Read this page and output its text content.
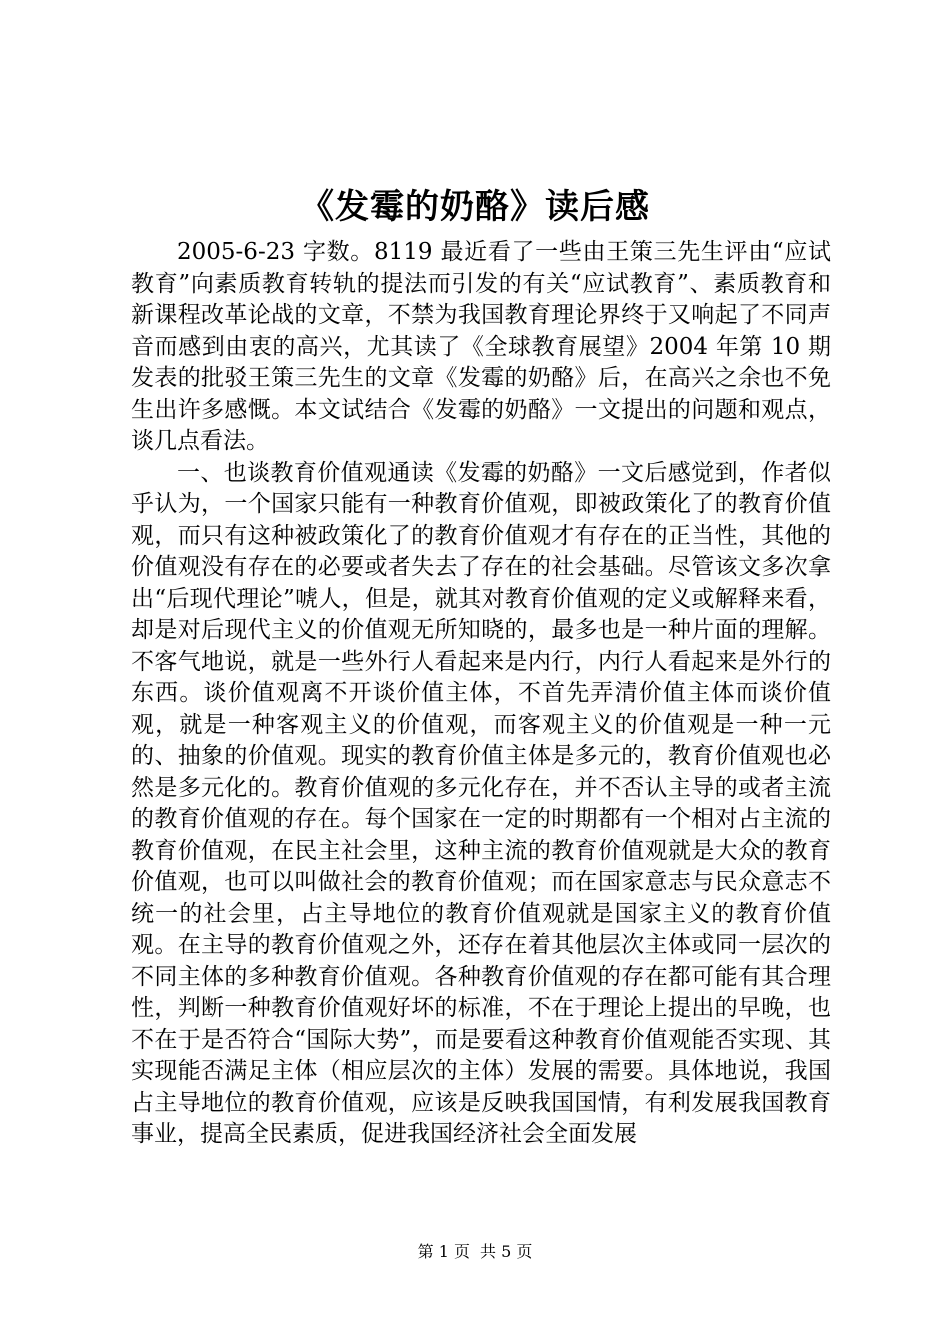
《发霉的奶酪》读后感

2005-6-23 字数。8119 最近看了一些由王策三先生评由“应试教育”向素质教育转轨的提法而引发的有关“应试教育”、素质教育和新课程改革论战的文章，不禁为我国教育理论界终于又响起了不同声音而感到由衷的高兴，尤其读了《全球教育展望》2004 年第 10 期发表的批驳王策三先生的文章《发霉的奶酪》后，在高兴之余也不免生出许多感慨。本文试结合《发霉的奶酪》一文提出的问题和观点，谈几点看法。

一、也谈教育价值观通读《发霉的奶酪》一文后感觉到，作者似乎认为，一个国家只能有一种教育价值观，即被政策化了的教育价值观，而只有这种被政策化了的教育价值观才有存在的正当性，其他的价值观没有存在的必要或者失去了存在的社会基础。尽管该文多次拿出“后现代理论”唬人，但是，就其对教育价值观的定义或解释来看，却是对后现代主义的价值观无所知晓的，最多也是一种片面的理解。不客气地说，就是一些外行人看起来是内行，内行人看起来是外行的东西。谈价值观离不开谈价值主体，不首先弄清价值主体而谈价值观，就是一种客观主义的价值观，而客观主义的价值观是一种一元的、抽象的价值观。现实的教育价值主体是多元的，教育价值观也必然是多元化的。教育价值观的多元化存在，并不否认主导的或者主流的教育价值观的存在。每个国家在一定的时期都有一个相对占主流的教育价值观，在民主社会里，这种主流的教育价值观就是大众的教育价值观，也可以叫做社会的教育价值观；而在国家意志与民众意志不统一的社会里，占主导地位的教育价值观就是国家主义的教育价值观。在主导的教育价值观之外，还存在着其他层次主体或同一层次的不同主体的多种教育价值观。各种教育价值观的存在都可能有其合理性，判断一种教育价值观好坏的标准，不在于理论上提出的早晚，也不在于是否符合“国际大势”，而是要看这种教育价值观能否实现、其实现能否满足主体（相应层次的主体）发展的需要。具体地说，我国占主导地位的教育价值观，应该是反映我国国情，有利发展我国教育事业，提高全民素质，促进我国经济社会全面发展

第 1 页 共 5 页
